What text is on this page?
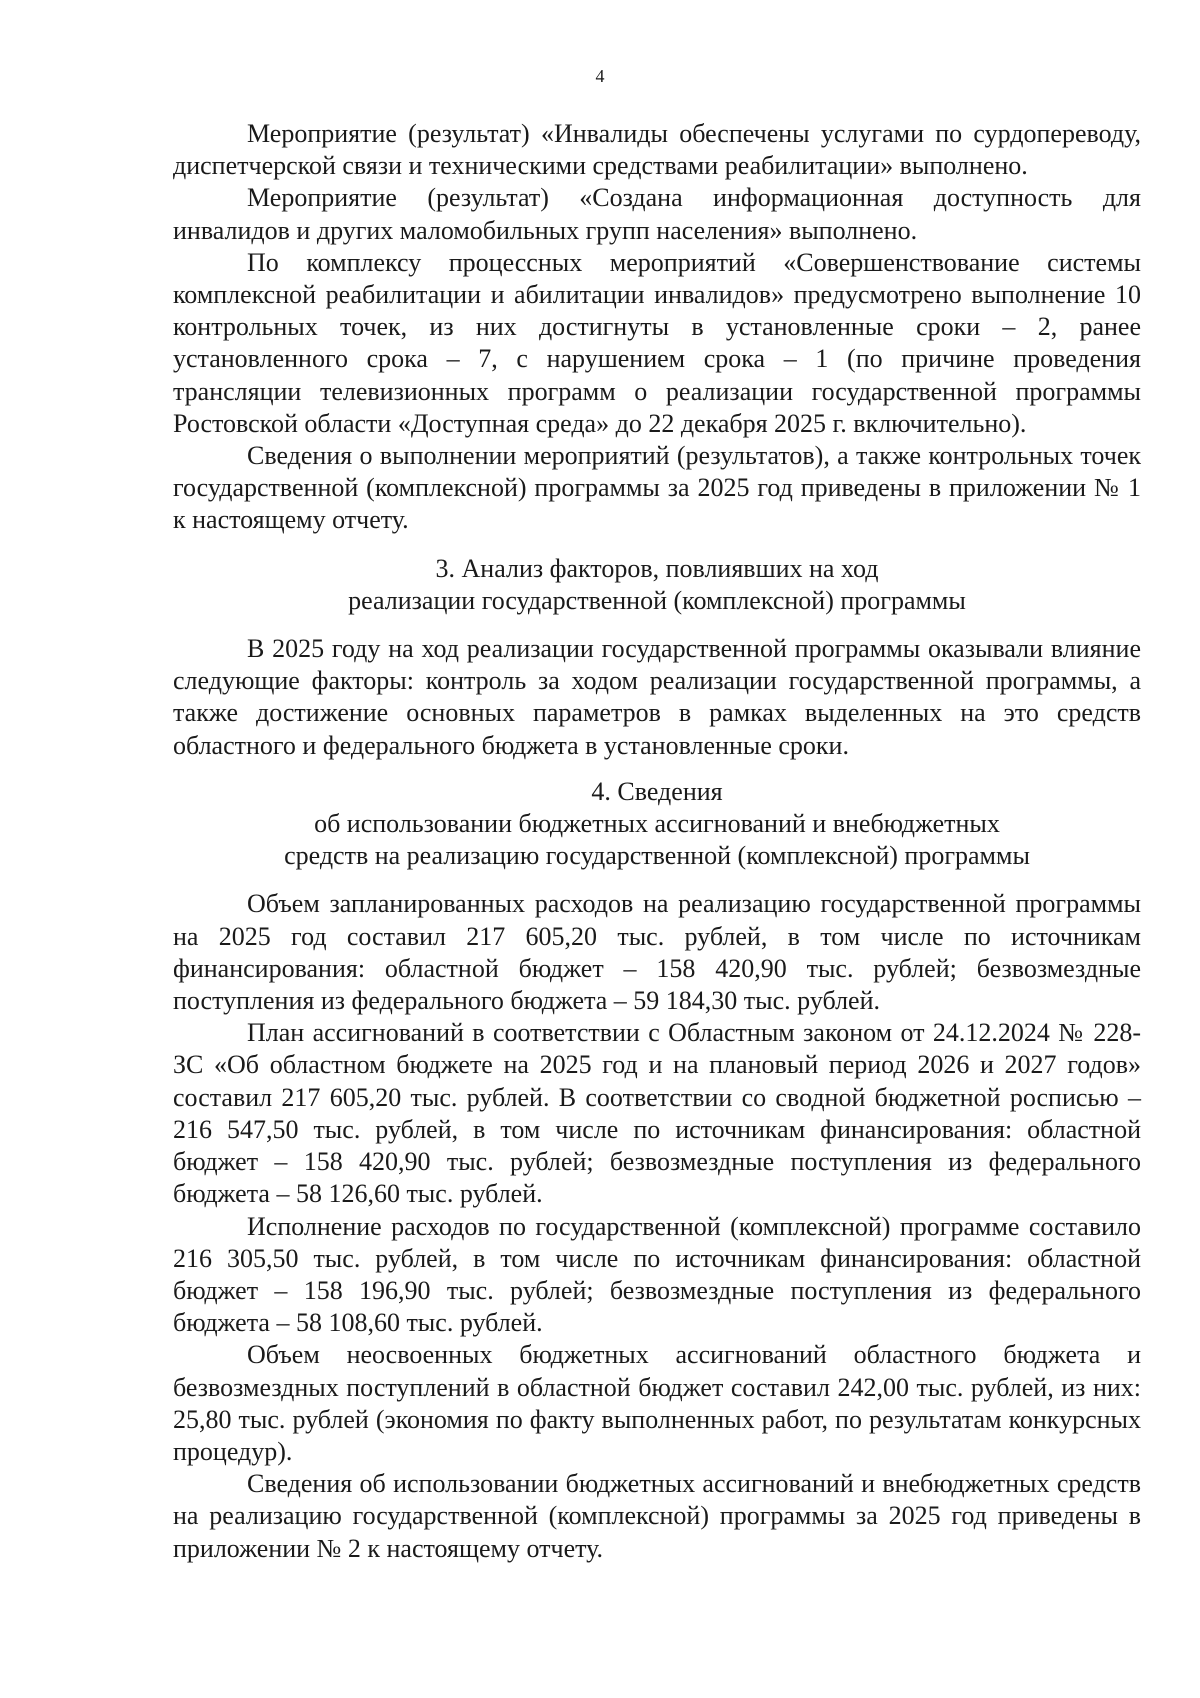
4

Мероприятие (результат) «Инвалиды обеспечены услугами по сурдопереводу, диспетчерской связи и техническими средствами реабилитации» выполнено.

Мероприятие (результат) «Создана информационная доступность для инвалидов и других маломобильных групп населения» выполнено.

По комплексу процессных мероприятий «Совершенствование системы комплексной реабилитации и абилитации инвалидов» предусмотрено выполнение 10 контрольных точек, из них достигнуты в установленные сроки – 2, ранее установленного срока – 7, с нарушением срока – 1 (по причине проведения трансляции телевизионных программ о реализации государственной программы Ростовской области «Доступная среда» до 22 декабря 2025 г. включительно).

Сведения о выполнении мероприятий (результатов), а также контрольных точек государственной (комплексной) программы за 2025 год приведены в приложении № 1 к настоящему отчету.

3. Анализ факторов, повлиявших на ход
реализации государственной (комплексной) программы

В 2025 году на ход реализации государственной программы оказывали влияние следующие факторы: контроль за ходом реализации государственной программы, а также достижение основных параметров в рамках выделенных на это средств областного и федерального бюджета в установленные сроки.

4. Сведения
об использовании бюджетных ассигнований и внебюджетных
средств на реализацию государственной (комплексной) программы

Объем запланированных расходов на реализацию государственной программы на 2025 год составил 217 605,20 тыс. рублей, в том числе по источникам финансирования: областной бюджет – 158 420,90 тыс. рублей; безвозмездные поступления из федерального бюджета – 59 184,30 тыс. рублей.

План ассигнований в соответствии с Областным законом от 24.12.2024 № 228-ЗС «Об областном бюджете на 2025 год и на плановый период 2026 и 2027 годов» составил 217 605,20 тыс. рублей. В соответствии со сводной бюджетной росписью – 216 547,50 тыс. рублей, в том числе по источникам финансирования: областной бюджет – 158 420,90 тыс. рублей; безвозмездные поступления из федерального бюджета – 58 126,60 тыс. рублей.

Исполнение расходов по государственной (комплексной) программе составило 216 305,50 тыс. рублей, в том числе по источникам финансирования: областной бюджет – 158 196,90 тыс. рублей; безвозмездные поступления из федерального бюджета – 58 108,60 тыс. рублей.

Объем неосвоенных бюджетных ассигнований областного бюджета и безвозмездных поступлений в областной бюджет составил 242,00 тыс. рублей, из них: 25,80 тыс. рублей (экономия по факту выполненных работ, по результатам конкурсных процедур).

Сведения об использовании бюджетных ассигнований и внебюджетных средств на реализацию государственной (комплексной) программы за 2025 год приведены в приложении № 2 к настоящему отчету.
